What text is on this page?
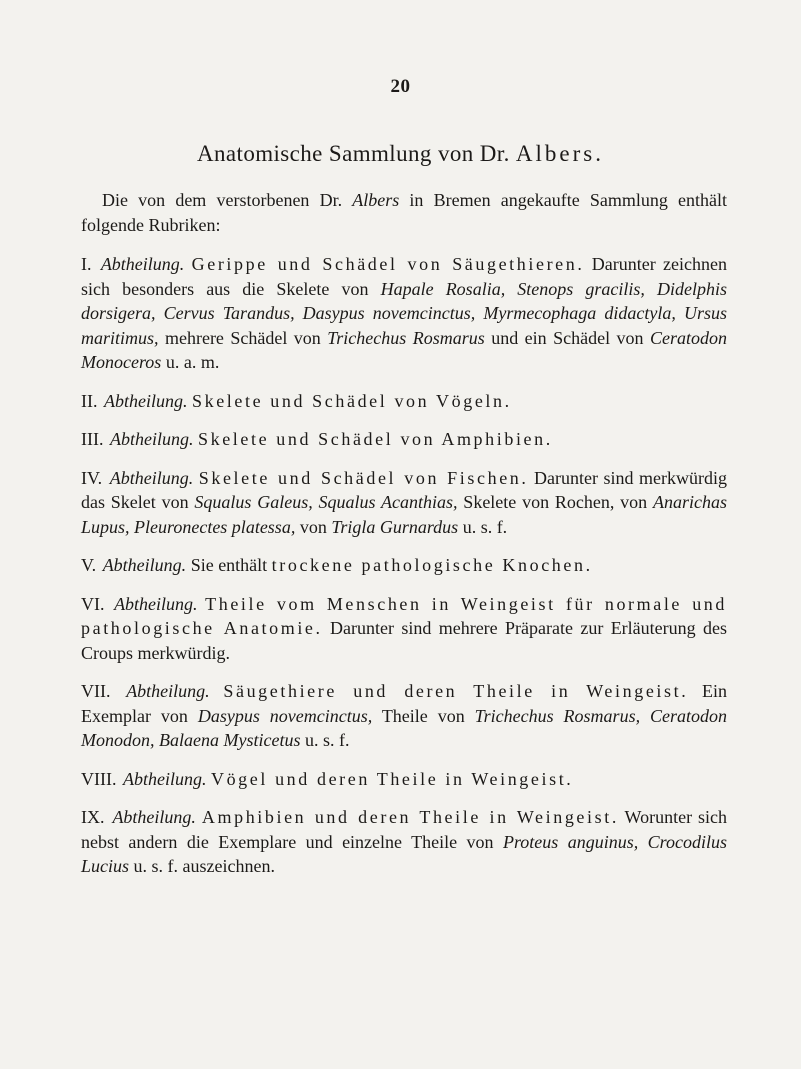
20
Anatomische Sammlung von Dr. Albers.

Die von dem verstorbenen Dr. Albers in Bremen angekaufte Sammlung enthält folgende Rubriken:

I. Abtheilung. Gerippe und Schädel von Säugethieren. Darunter zeichnen sich besonders aus die Skelete von Hapale Rosalia, Stenops gracilis, Didelphis dorsigera, Cervus Tarandus, Dasypus novemcinctus, Myrmecophaga didactyla, Ursus maritimus, mehrere Schädel von Trichechus Rosmarus und ein Schädel von Ceratodon Monoceros u. a. m.

II. Abtheilung. Skelete und Schädel von Vögeln.

III. Abtheilung. Skelete und Schädel von Amphibien.

IV. Abtheilung. Skelete und Schädel von Fischen. Darunter sind merkwürdig das Skelet von Squalus Galeus, Squalus Acanthias, Skelete von Rochen, von Anarichas Lupus, Pleuronectes platessa, von Trigla Gurnardus u. s. f.

V. Abtheilung. Sie enthält trockene pathologische Knochen.

VI. Abtheilung. Theile vom Menschen in Weingeist für normale und pathologische Anatomie. Darunter sind mehrere Präparate zur Erläuterung des Croups merkwürdig.

VII. Abtheilung. Säugethiere und deren Theile in Weingeist. Ein Exemplar von Dasypus novemcinctus, Theile von Trichechus Rosmarus, Ceratodon Monodon, Balaena Mysticetus u. s. f.

VIII. Abtheilung. Vögel und deren Theile in Weingeist.

IX. Abtheilung. Amphibien und deren Theile in Weingeist. Worunter sich nebst andern die Exemplare und einzelne Theile von Proteus anguinus, Crocodilus Lucius u. s. f. auszeichnen.
